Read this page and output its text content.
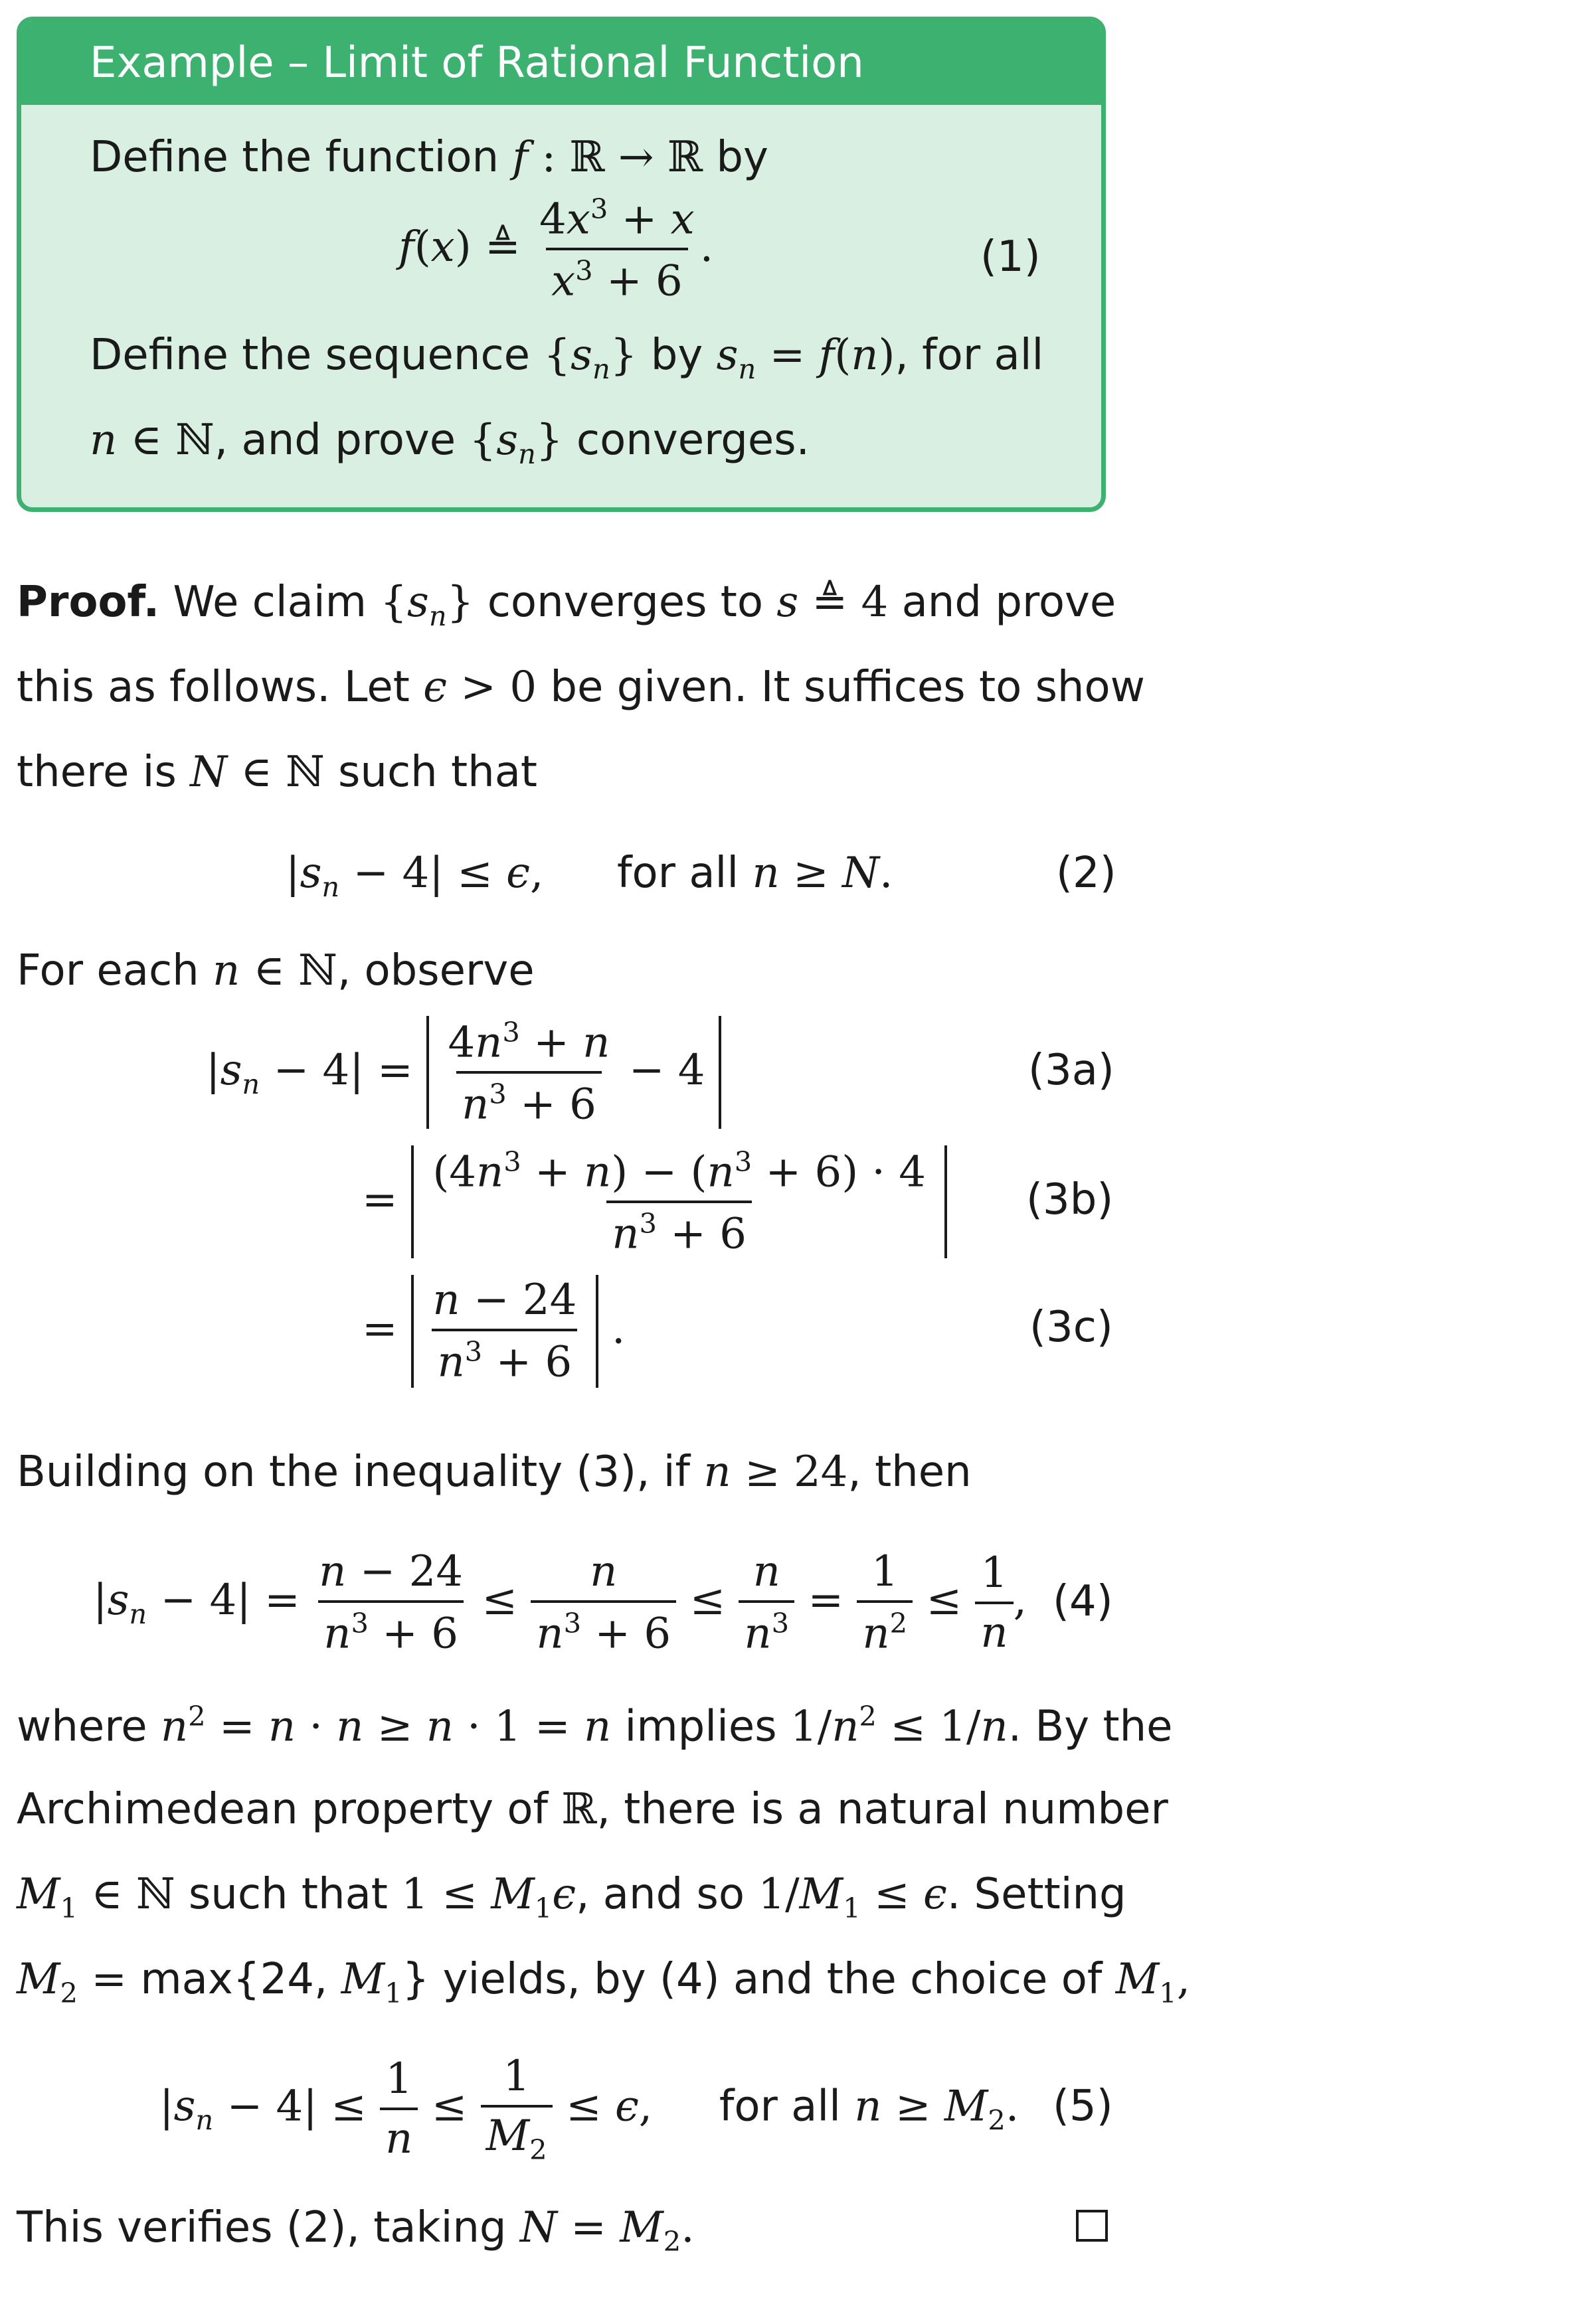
Example – Limit of Rational Function
Define the function f : ℝ → ℝ by
f(x) ≜ $\frac{4x^3 + x}{x^3 + 6}$ .	(1)
Define the sequence $\{s_n\}$ by $s_n = f(n)$, for all
n ∈ ℕ, and prove $\{s_n\}$ converges.
Proof. We claim $\{s_n\}$ converges to s ≜ 4 and prove
this as follows. Let ϵ > 0 be given. It suffices to show
there is N ∈ ℕ such that
$|s_n - 4| \le \epsilon$, for all n ≥ N.	(2)
For each n ∈ ℕ, observe
$|s_n - 4| = \frac{4n^3 + n}{n^3 + 6} - 4$	(3a)
= $\frac{(4n^3 + n) - (n^3 + 6) \cdot 4}{n^3 + 6}$
(3b)
= $\frac{n - 24}{n^3 + 6}$ .	(3c)
Building on the inequality (3), if n ≥ 24, then
$|s_n - 4| = \frac{n - 24}{n^3 + 6} \le \frac{n}{n^3 + 6} \le \frac{n}{n^3} = \frac{1}{n^2} \le \frac{1}{n}$ , (4)
where $n^2 = n \cdot n \ge n \cdot 1 = n$ implies $1/n^2 \le 1/n$. By the
Archimedean property of ℝ, there is a natural number
$M_1$ ∈ ℕ such that $1 \le M_1\epsilon$, and so $1/M_1 \le \epsilon$. Setting
$M_2 = \max\{24$, $M_1$} yields, by (4) and the choice of $M_1$,
$|s_n - 4| \le \frac{1}{n} \le \frac{1}{M_2} \le \epsilon$, for all $n \ge M_2$. (5)
This verifies (2), taking $N = M_2$.
